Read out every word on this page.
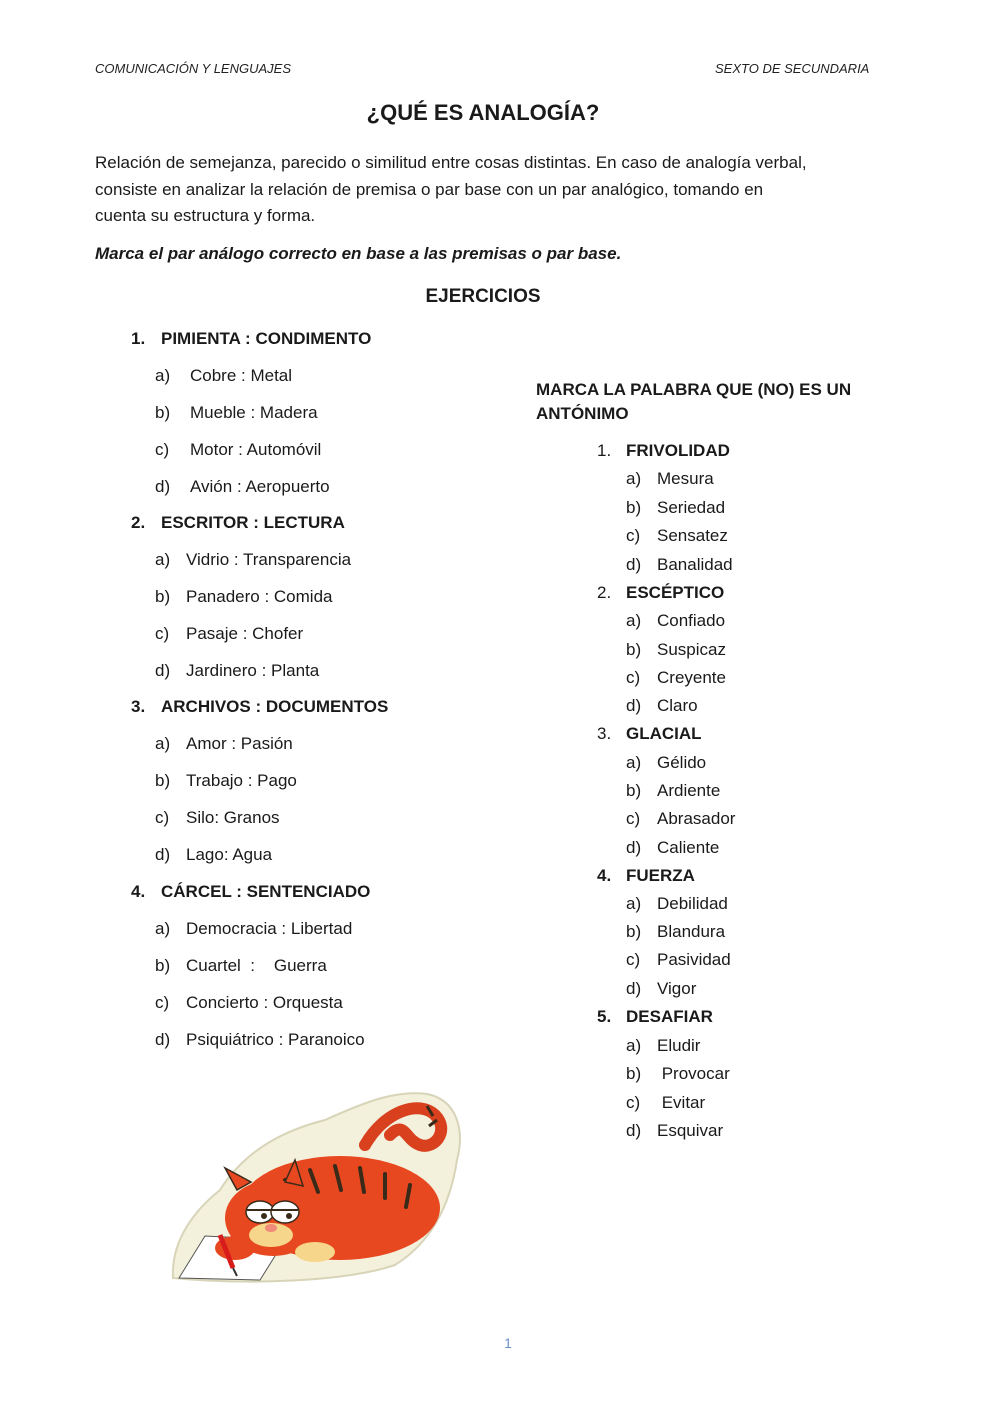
COMUNICACIÓN Y LENGUAJES	SEXTO DE SECUNDARIA
¿QUÉ ES ANALOGÍA?
Relación de semejanza, parecido o similitud entre cosas distintas. En caso de analogía verbal,
consiste en analizar la relación de premisa o par base con un par analógico, tomando en
cuenta su estructura y forma.
Marca el par análogo correcto en base a las premisas o par base.
EJERCICIOS
1. PIMIENTA : CONDIMENTO
a) Cobre : Metal
b) Mueble : Madera
c) Motor : Automóvil
d) Avión : Aeropuerto
2. ESCRITOR : LECTURA
a) Vidrio : Transparencia
b) Panadero : Comida
c) Pasaje : Chofer
d) Jardinero : Planta
3. ARCHIVOS : DOCUMENTOS
a) Amor : Pasión
b) Trabajo : Pago
c) Silo: Granos
d) Lago: Agua
4. CÁRCEL : SENTENCIADO
a) Democracia : Libertad
b) Cuartel  :    Guerra
c) Concierto : Orquesta
d) Psiquiátrico : Paranoico
MARCA LA PALABRA QUE (NO) ES UN
ANTÓNIMO
1. FRIVOLIDAD
a) Mesura
b) Seriedad
c) Sensatez
d) Banalidad
2. ESCÉPTICO
a) Confiado
b) Suspicaz
c) Creyente
d) Claro
3. GLACIAL
a) Gélido
b) Ardiente
c) Abrasador
d) Caliente
4. FUERZA
a) Debilidad
b) Blandura
c) Pasividad
d) Vigor
5. DESAFIAR
a) Eludir
b) Provocar
c) Evitar
d) Esquivar
1
